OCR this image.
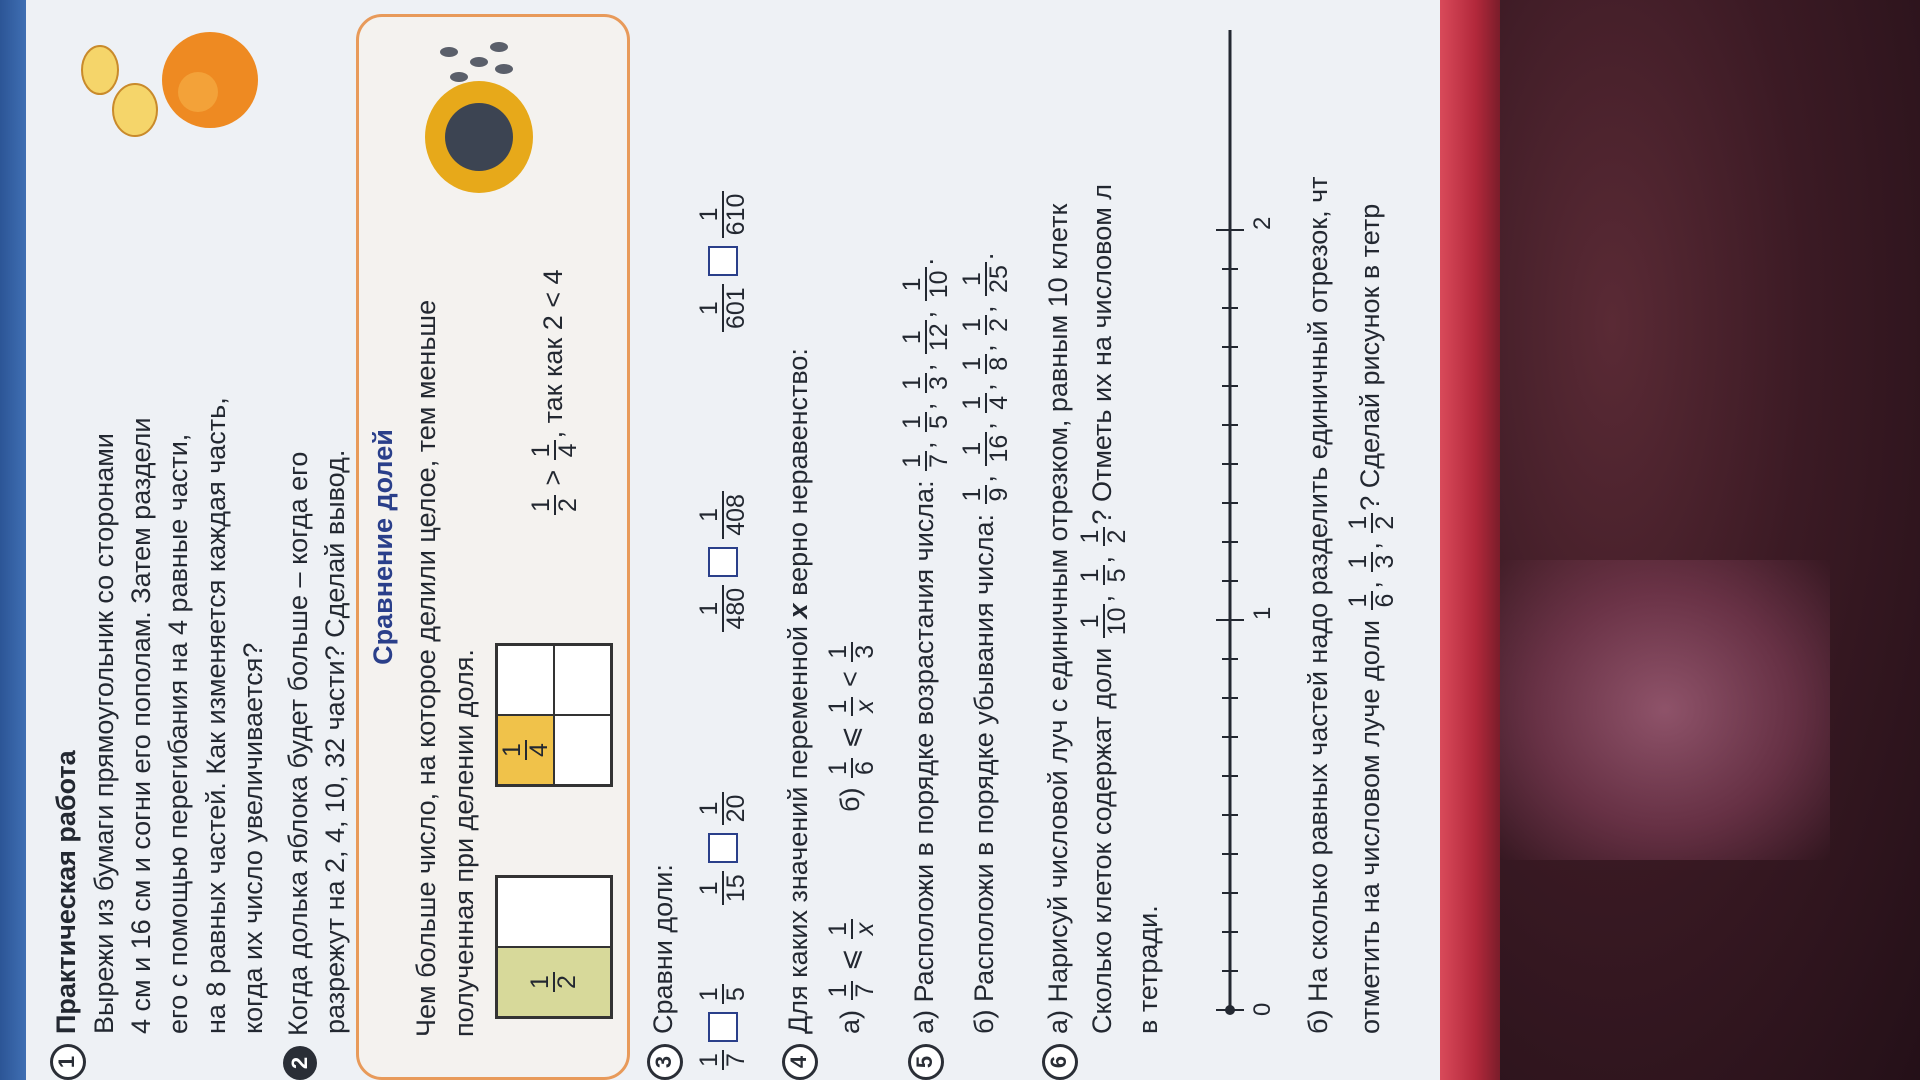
1Практическая работа Вырежи из бумаги прямоугольник со сторонами 4 см и 16 см и согни его пополам. Затем раздели его с помощью перегибания на 4 равные части, на 8 равных частей. Как изменяется каждая часть, когда их число увеличивается?

2Когда долька яблока будет больше – когда его разрежут на 2, 4, 10, 32 части? Сделай вывод. Сравнение долей Чем больше число, на которое делили целое, тем меньше полученная при делении доля. 1 2
1 4
1 2
>
1 4
, так как 2 < 4
3Сравни доли:
1 7
1 5

1 15
1 20

1 480
1 408

1 601
1 610
4Для каких значений переменной x верно неравенство:
а)
1 7
⩽
1 x
б)
1 6
⩽
1 x
<
1 3
5а) Расположи в порядке возрастания числа:
1 7
,
1 5
,
1 3
,
1 12
,
1 10
.
б) Расположи в порядке убывания числа:
1 9
,
1 16
,
1 4
,
1 8
,
1 2
,
1 25
.
6а) Нарисуй числовой луч с единичным отрезком, равным 10 клетк Сколько клеток содержат доли
1 10
,
1 5
,
1 2
? Отметь их на числовом л
в тетради.	0
1
2 б) На сколько равных частей надо разделить единичный отрезок, чт отметить на числовом луче доли
1 6
,
1 3
,
1 2
? Сделай рисунок в тетр
